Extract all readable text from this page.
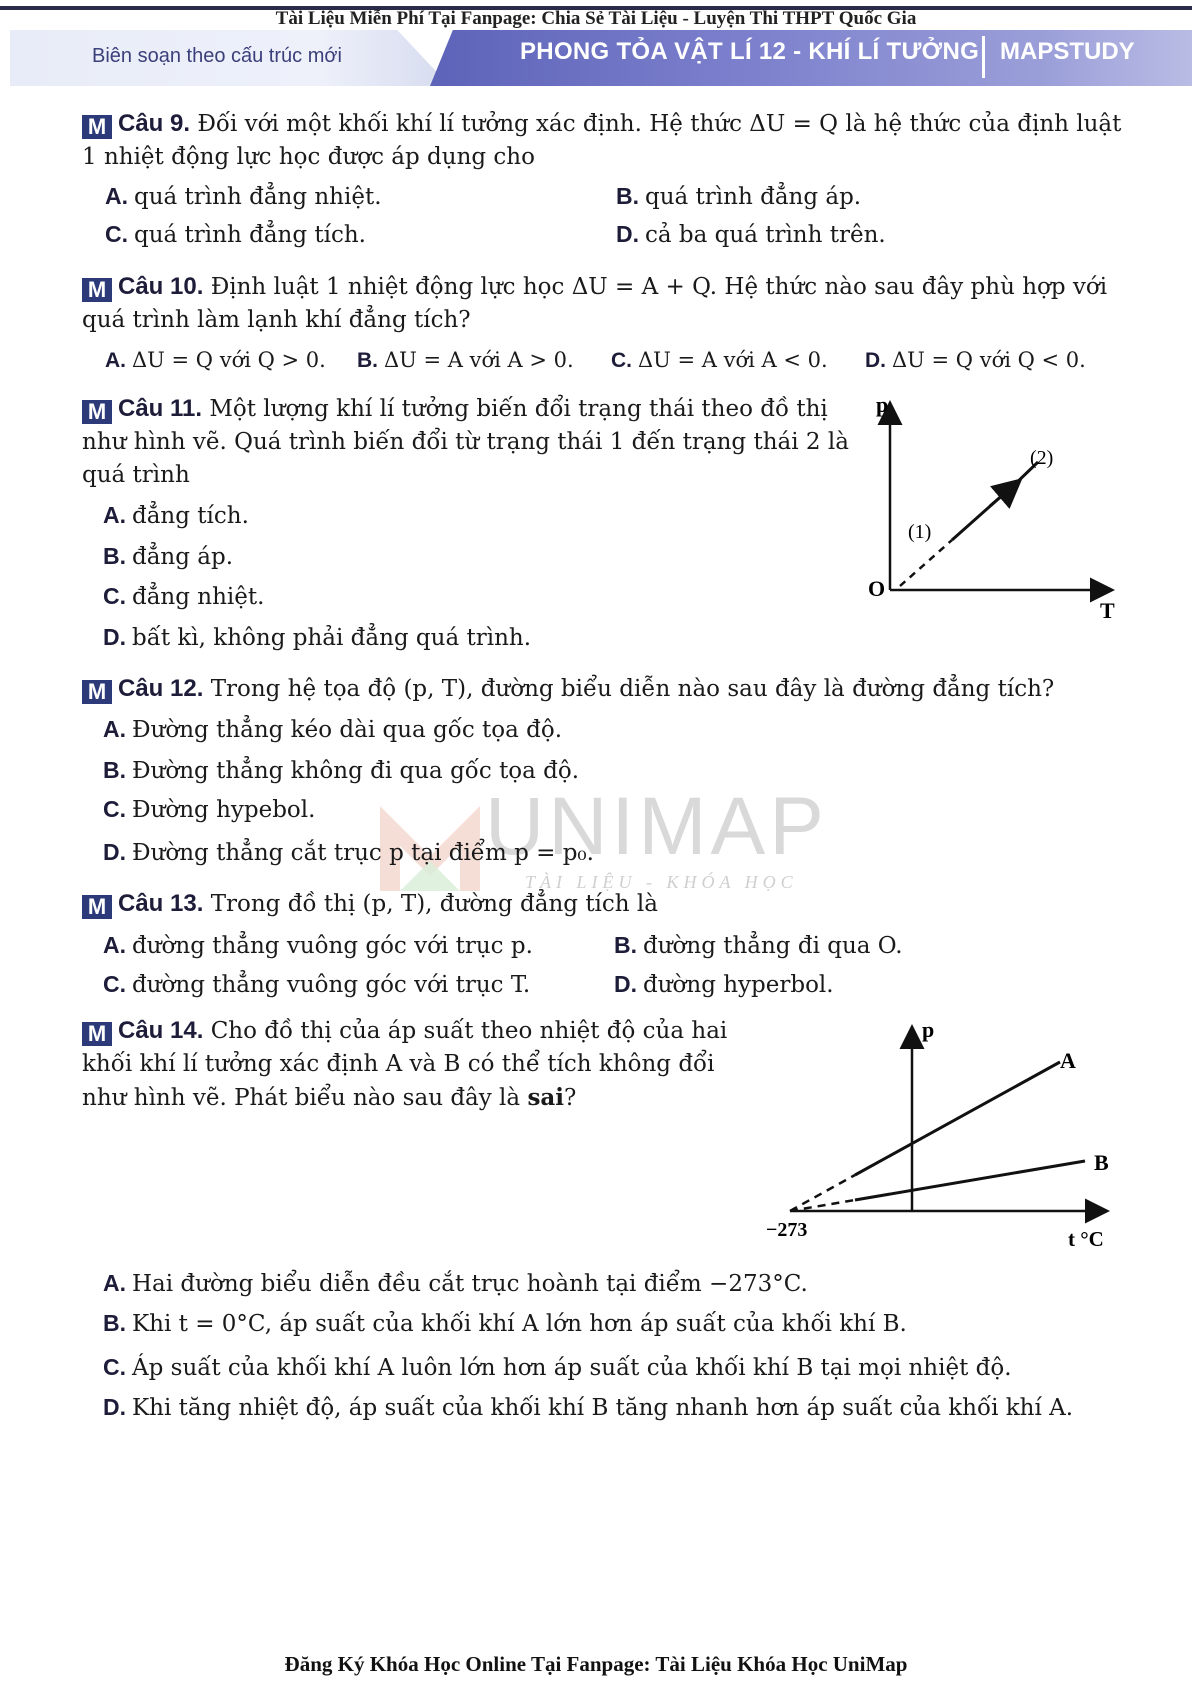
Tài Liệu Miễn Phí Tại Fanpage: Chia Sẻ Tài Liệu - Luyện Thi THPT Quốc Gia
Biên soạn theo cấu trúc mới	PHONG TỎA VẬT LÍ 12 - KHÍ LÍ TƯỞNG MAPSTUDY
UNIMAP
TÀI LIỆU - KHÓA HỌC
M Câu 9. Đối với một khối khí lí tưởng xác định. Hệ thức ΔU = Q là hệ thức của định luật 1 nhiệt động lực học được áp dụng cho
A. quá trình đẳng nhiệt.	B. quá trình đẳng áp.
C. quá trình đẳng tích.	D. cả ba quá trình trên.
M Câu 10. Định luật 1 nhiệt động lực học ΔU = A + Q. Hệ thức nào sau đây phù hợp với quá trình làm lạnh khí đẳng tích?
A. ΔU = Q với Q > 0. B. ΔU = A với A > 0. C. ΔU = A với A < 0. D. ΔU = Q với Q < 0.
M Câu 11. Một lượng khí lí tưởng biến đổi trạng thái theo đồ thị như hình vẽ. Quá trình biến đổi từ trạng thái 1 đến trạng thái 2 là quá trình
A. đẳng tích.
B. đẳng áp.
C. đẳng nhiệt.
D. bất kì, không phải đẳng quá trình.
p
T
O
(1)
(2)
M Câu 12. Trong hệ tọa độ (p, T), đường biểu diễn nào sau đây là đường đẳng tích?
A. Đường thẳng kéo dài qua gốc tọa độ.
B. Đường thẳng không đi qua gốc tọa độ.
C. Đường hypebol.
D. Đường thẳng cắt trục p tại điểm p = p₀.
M Câu 13. Trong đồ thị (p, T), đường đẳng tích là
A. đường thẳng vuông góc với trục p.	B. đường thẳng đi qua O.
C. đường thẳng vuông góc với trục T.	D. đường hyperbol.
M Câu 14. Cho đồ thị của áp suất theo nhiệt độ của hai khối khí lí tưởng xác định A và B có thể tích không đổi như hình vẽ. Phát biểu nào sau đây là sai?
p
t °C
−273
A
B
A. Hai đường biểu diễn đều cắt trục hoành tại điểm −273°C.
B. Khi t = 0°C, áp suất của khối khí A lớn hơn áp suất của khối khí B.
C. Áp suất của khối khí A luôn lớn hơn áp suất của khối khí B tại mọi nhiệt độ.
D. Khi tăng nhiệt độ, áp suất của khối khí B tăng nhanh hơn áp suất của khối khí A.
Đăng Ký Khóa Học Online Tại Fanpage: Tài Liệu Khóa Học UniMap
